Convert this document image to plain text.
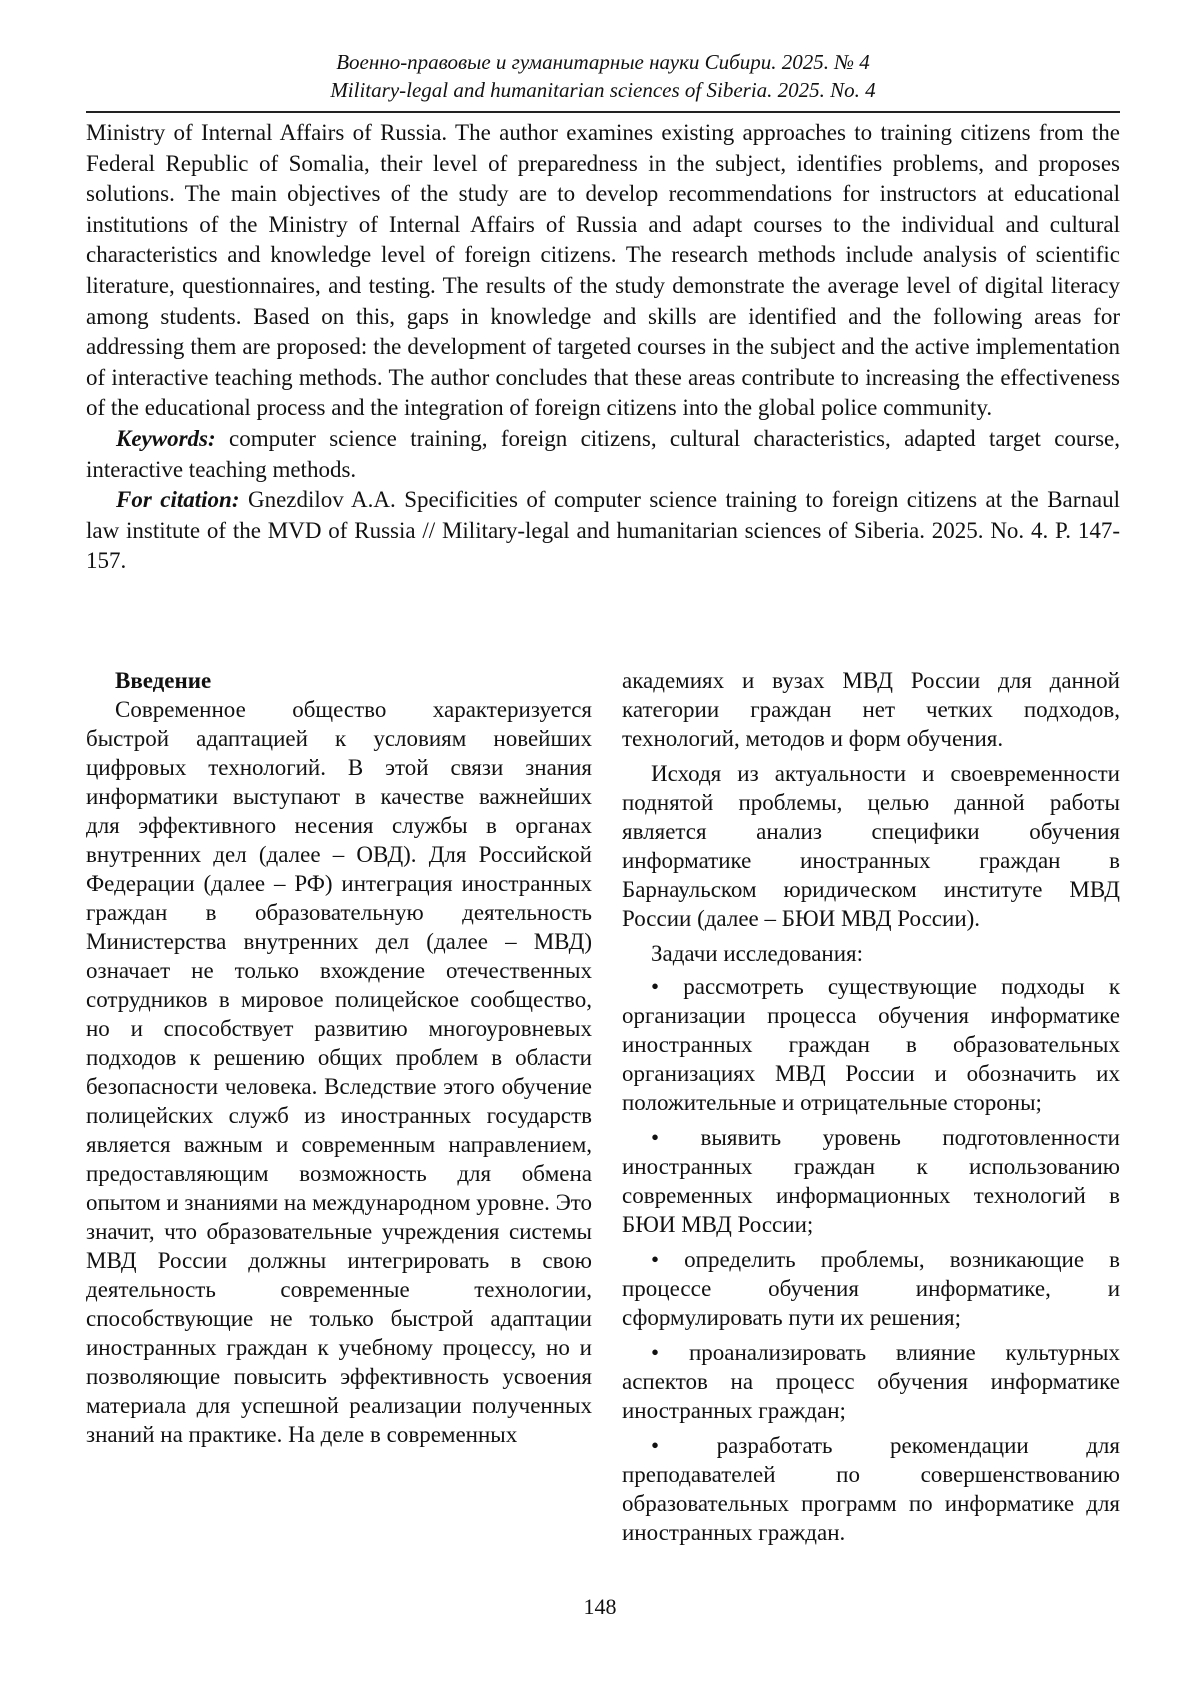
Военно-правовые и гуманитарные науки Сибири. 2025. № 4
Military-legal and humanitarian sciences of Siberia. 2025. No. 4

Ministry of Internal Affairs of Russia. The author examines existing approaches to training citizens from the Federal Republic of Somalia, their level of preparedness in the subject, identifies problems, and proposes solutions. The main objectives of the study are to develop recommendations for instructors at educational institutions of the Ministry of Internal Affairs of Russia and adapt courses to the individual and cultural characteristics and knowledge level of foreign citizens. The research methods include analysis of scientific literature, questionnaires, and testing. The results of the study demonstrate the average level of digital literacy among students. Based on this, gaps in knowledge and skills are identified and the following areas for addressing them are proposed: the development of targeted courses in the subject and the active implementation of interactive teaching methods. The author concludes that these areas contribute to increasing the effectiveness of the educational process and the integration of foreign citizens into the global police community.

Keywords: computer science training, foreign citizens, cultural characteristics, adapted target course, interactive teaching methods.

For citation: Gnezdilov A.A. Specificities of computer science training to foreign citizens at the Barnaul law institute of the MVD of Russia // Military-legal and humanitarian sciences of Siberia. 2025. No. 4. P. 147-157.

Введение

Современное общество характеризуется быстрой адаптацией к условиям новейших цифровых технологий. В этой связи знания информатики выступают в качестве важнейших для эффективного несения службы в органах внутренних дел (далее – ОВД). Для Российской Федерации (далее – РФ) интеграция иностранных граждан в образовательную деятельность Министерства внутренних дел (далее – МВД) означает не только вхождение отечественных сотрудников в мировое полицейское сообщество, но и способствует развитию многоуровневых подходов к решению общих проблем в области безопасности человека. Вследствие этого обучение полицейских служб из иностранных государств является важным и современным направлением, предоставляющим возможность для обмена опытом и знаниями на международном уровне. Это значит, что образовательные учреждения системы МВД России должны интегрировать в свою деятельность современные технологии, способствующие не только быстрой адаптации иностранных граждан к учебному процессу, но и позволяющие повысить эффективность усвоения материала для успешной реализации полученных знаний на практике. На деле в современных

академиях и вузах МВД России для данной категории граждан нет четких подходов, технологий, методов и форм обучения.

Исходя из актуальности и своевременности поднятой проблемы, целью данной работы является анализ специфики обучения информатике иностранных граждан в Барнаульском юридическом институте МВД России (далее – БЮИ МВД России).

Задачи исследования:

• рассмотреть существующие подходы к организации процесса обучения информатике иностранных граждан в образовательных организациях МВД России и обозначить их положительные и отрицательные стороны;
• выявить уровень подготовленности иностранных граждан к использованию современных информационных технологий в БЮИ МВД России;
• определить проблемы, возникающие в процессе обучения информатике, и сформулировать пути их решения;
• проанализировать влияние культурных аспектов на процесс обучения информатике иностранных граждан;
•	разработать рекомендации для преподавателей по совершенствованию образовательных программ по информатике для иностранных граждан.
148
